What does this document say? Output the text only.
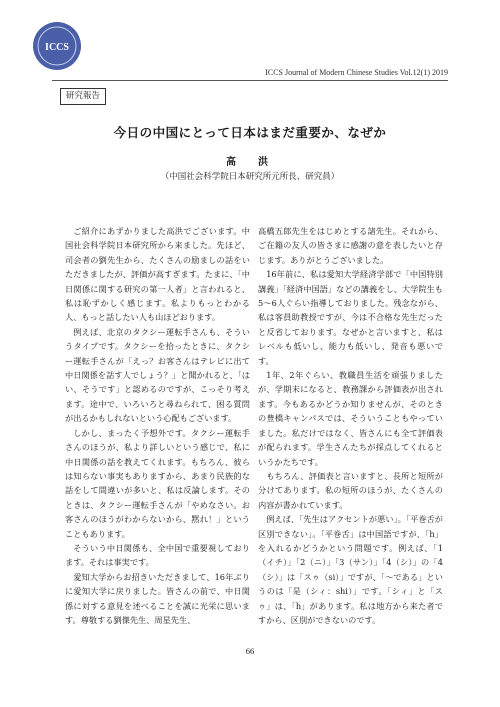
ICCS
ICCS Journal of Modern Chinese Studies Vol.12(1) 2019
研究報告
今日の中国にとって日本はまだ重要か、なぜか
高　洪
（中国社会科学院日本研究所元所長、研究員）

ご紹介にあずかりました高洪でございます。中国社会科学院日本研究所から来ました。先ほど、司会者の劉先生から、たくさんの励ましの話をいただきましたが、評価が高すぎます。たまに、「中日関係に関する研究の第一人者」と言われると、私は恥ずかしく感じます。私よりもっとわかる人、もっと話したい人も山ほどおります。

例えば、北京のタクシー運転手さんも、そういうタイプです。タクシーを拾ったときに、タクシー運転手さんが「えっ？お客さんはテレビに出て中日関係を話す人でしょう？」と聞かれると、「はい、そうです」と認めるのですが、こっそり考えます。途中で、いろいろと尋ねられて、困る質問が出るかもしれないという心配もございます。

しかし、まったく予想外です。タクシー運転手さんのほうが、私より詳しいという感じで、私に中日関係の話を教えてくれます。もちろん、彼らは知らない事実もありますから、あまり民族的な話をして間違いが多いと、私は反論します。そのときは、タクシー運転手さんが「やめなさい。お客さんのほうがわからないから、黙れ！」ということもあります。

そういう中日関係も、全中国で重要視しております。それは事実です。

愛知大学からお招きいただきまして、16年ぶりに愛知大学に戻りました。皆さんの前で、中日関係に対する意見を述べることを誠に光栄に思います。尊敬する劉傑先生、周星先生、

高橋五郎先生をはじめとする諸先生。それから、ご在籍の友人の皆さまに感謝の意を表したいと存じます。ありがとうございました。

16年前に、私は愛知大学経済学部で「中国特別講義」「経済中国語」などの講義をし、大学院生も5〜6人ぐらい指導しておりました。残念ながら、私は客員助教授ですが、今は不合格な先生だったと反省しております。なぜかと言いますと、私はレベルも低いし、能力も低いし、発音も悪いです。

1年、2年ぐらい、教職員生活を頑張りましたが、学期末になると、教務課から評価表が出されます。今もあるかどうか知りませんが、そのときの豊橋キャンパスでは、そういうこともやっていました。私だけではなく、皆さんにも全て評価表が配られます。学生さんたちが採点してくれるというかたちです。

もちろん、評価表と言いますと、長所と短所が分けてあります。私の短所のほうが、たくさんの内容が書かれています。

例えば、「先生はアクセントが悪い」。「平巻舌が区別できない」。「平巻舌」は中国語ですが、「h」を入れるかどうかという問題です。例えば、「1（イチ）」「2（ニ）」「3（サン）」「4（シ）」の「4（シ）」は「スゥ（si）」ですが、「〜である」というのは「是（シィ：shi）」です。「シィ」と「スゥ」は、「h」があります。私は地方から来た者ですから、区別ができないのです。

66
